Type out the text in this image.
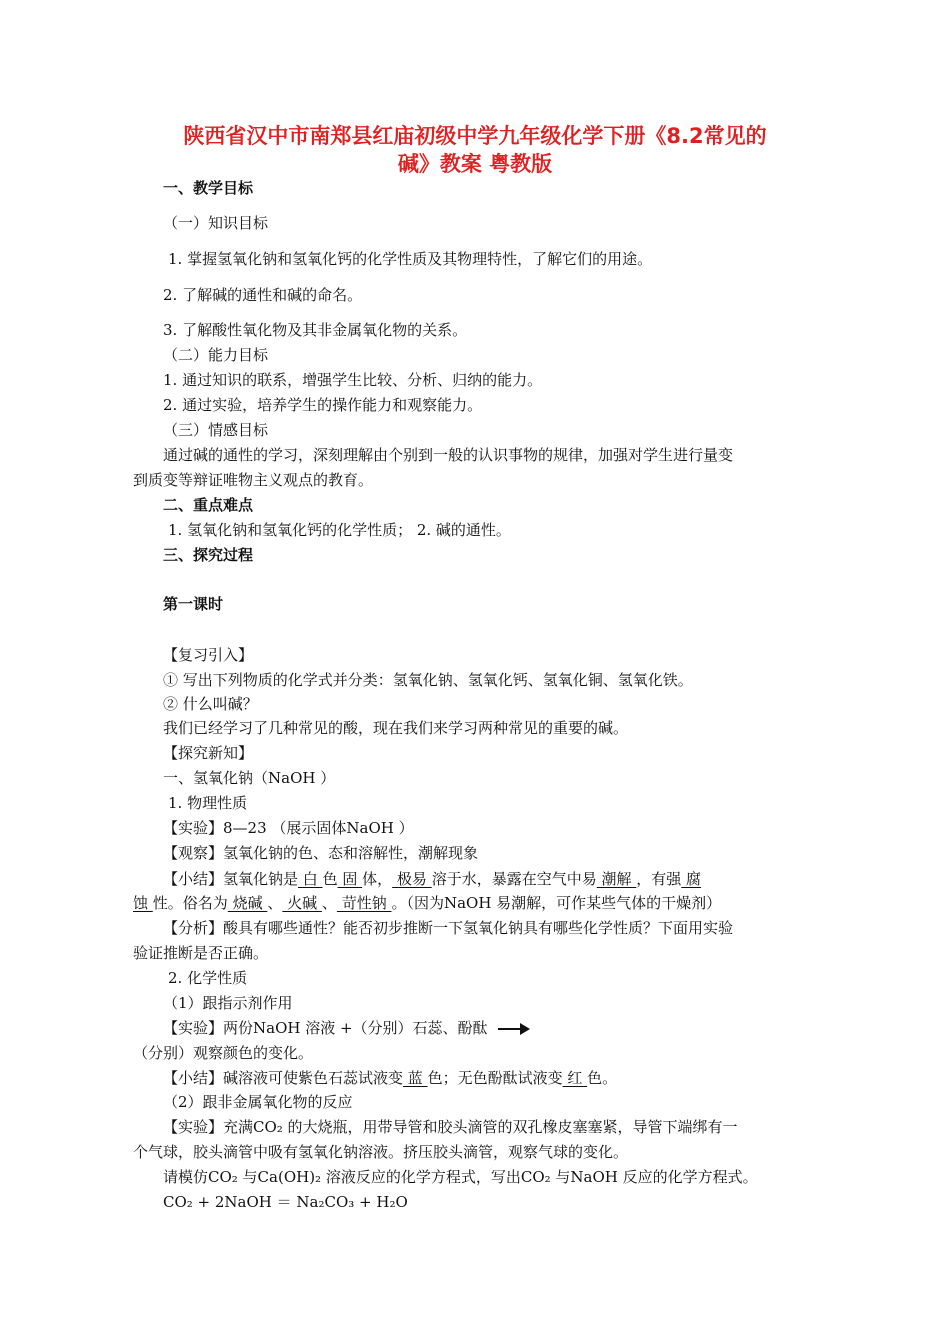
陕西省汉中市南郑县红庙初级中学九年级化学下册《8.2常见的
碱》教案 粤教版
一、教学目标
（一）知识目标
1. 掌握氢氧化钠和氢氧化钙的化学性质及其物理特性，了解它们的用途。
2. 了解碱的通性和碱的命名。
3. 了解酸性氧化物及其非金属氧化物的关系。
（二）能力目标
1. 通过知识的联系，增强学生比较、分析、归纳的能力。
2. 通过实验，培养学生的操作能力和观察能力。
（三）情感目标
通过碱的通性的学习，深刻理解由个别到一般的认识事物的规律，加强对学生进行量变
到质变等辩证唯物主义观点的教育。
二、重点难点
1. 氢氧化钠和氢氧化钙的化学性质； 2. 碱的通性。
三、探究过程
第一课时
【复习引入】
① 写出下列物质的化学式并分类：氢氧化钠、氢氧化钙、氢氧化铜、氢氧化铁。
② 什么叫碱？
我们已经学习了几种常见的酸，现在我们来学习两种常见的重要的碱。
【探究新知】
一、氢氧化钠（NaOH ）
1. 物理性质
【实验】8—23 （展示固体NaOH ）
【观察】氢氧化钠的色、态和溶解性，潮解现象
【小结】氢氧化钠是 白 色 固 体， 极易 溶于水，暴露在空气中易 潮解 ，有强 腐
蚀 性。俗名为 烧碱 、 火碱 、 苛性钠 。（因为NaOH 易潮解，可作某些气体的干燥剂）
【分析】酸具有哪些通性？能否初步推断一下氢氧化钠具有哪些化学性质？下面用实验
验证推断是否正确。
2. 化学性质
（1）跟指示剂作用
【实验】两份NaOH 溶液 +（分别）石蕊、酚酞
（分别）观察颜色的变化。
【小结】碱溶液可使紫色石蕊试液变 蓝 色；无色酚酞试液变 红 色。
（2）跟非金属氧化物的反应
【实验】充满CO₂ 的大烧瓶，用带导管和胶头滴管的双孔橡皮塞塞紧，导管下端绑有一
个气球，胶头滴管中吸有氢氧化钠溶液。挤压胶头滴管，观察气球的变化。
请模仿CO₂ 与Ca(OH)₂ 溶液反应的化学方程式，写出CO₂ 与NaOH 反应的化学方程式。
CO₂ + 2NaOH ＝ Na₂CO₃ + H₂O
